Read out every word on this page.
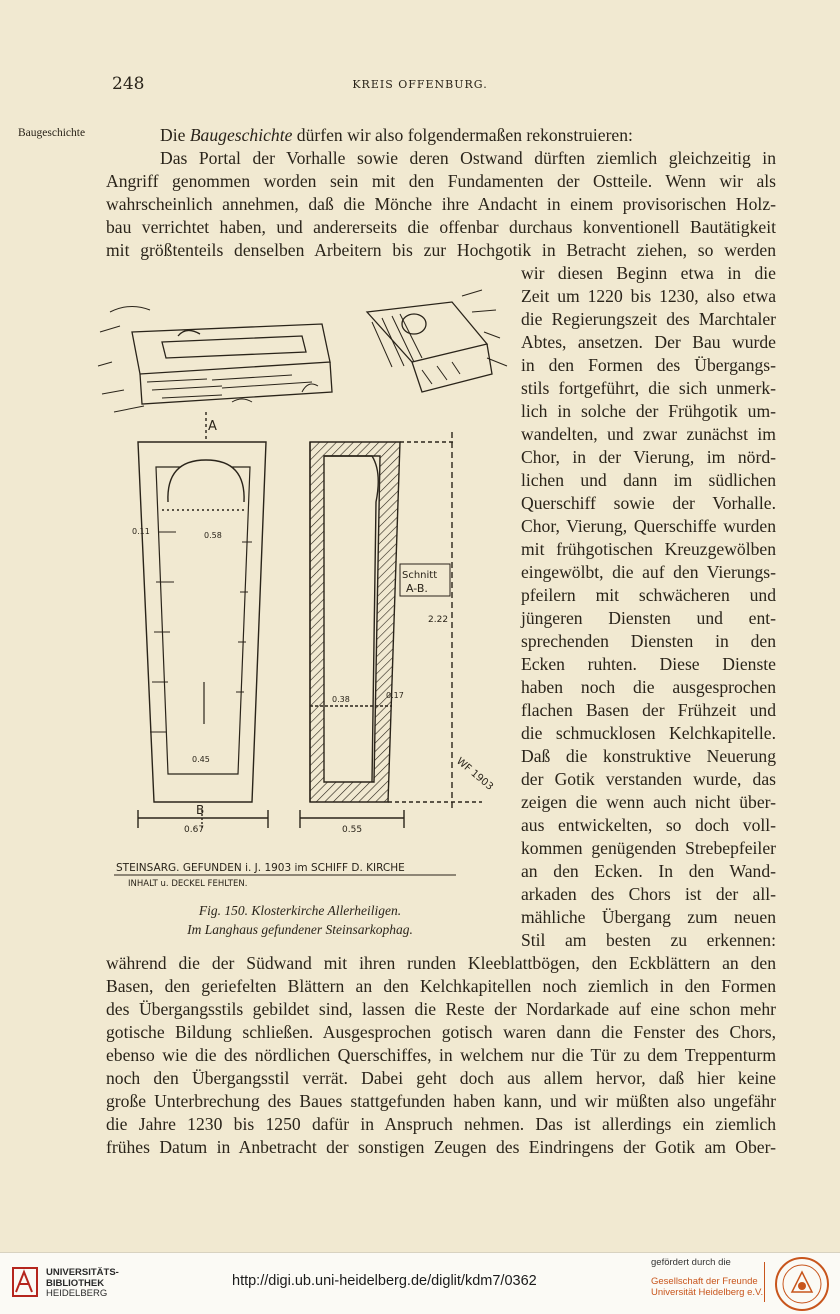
248	KREIS OFFENBURG.
Baugeschichte	Die Baugeschichte dürfen wir also folgendermaßen rekonstruieren:
Das Portal der Vorhalle sowie deren Ostwand dürften ziemlich gleichzeitig in
Angriff genommen worden sein mit den Fundamenten der Ostteile. Wenn wir als
wahrscheinlich annehmen, daß die Mönche ihre Andacht in einem provisorischen Holz-
bau verrichtet haben, und andererseits die offenbar durchaus konventionell Bautätigkeit
mit größtenteils denselben Arbeitern bis zur Hochgotik in Betracht ziehen, so werden
wir diesen Beginn etwa in die
Zeit um 1220 bis 1230, also etwa
die Regierungszeit des Marchtaler
Abtes, ansetzen. Der Bau wurde
in den Formen des Übergangs-
stils fortgeführt, die sich unmerk-
lich in solche der Frühgotik um-
wandelten, und zwar zunächst im
Chor, in der Vierung, im nörd-
lichen und dann im südlichen
Querschiff sowie der Vorhalle.
Chor, Vierung, Querschiffe wurden
mit frühgotischen Kreuzgewölben
eingewölbt, die auf den Vierungs-
pfeilern mit schwächeren und
jüngeren Diensten und ent-
sprechenden Diensten in den
Ecken ruhten. Diese Dienste
haben noch die ausgesprochen
flachen Basen der Frühzeit und
die schmucklosen Kelchkapitelle.
Daß die konstruktive Neuerung
der Gotik verstanden wurde, das
zeigen die wenn auch nicht über-
aus entwickelten, so doch voll-
kommen genügenden Strebepfeiler
an den Ecken. In den Wand-
arkaden des Chors ist der all-
mähliche Übergang zum neuen
Stil am besten zu erkennen:
während die der Südwand mit ihren runden Kleeblattbögen, den Eckblättern an den
Basen, den geriefelten Blättern an den Kelchkapitellen noch ziemlich in den Formen
des Übergangsstils gebildet sind, lassen die Reste der Nordarkade auf eine schon mehr
gotische Bildung schließen. Ausgesprochen gotisch waren dann die Fenster des Chors,
ebenso wie die des nördlichen Querschiffes, in welchem nur die Tür zu dem Treppenturm
noch den Übergangsstil verrät. Dabei geht doch aus allem hervor, daß hier keine
große Unterbrechung des Baues stattgefunden haben kann, und wir müßten also ungefähr
die Jahre 1230 bis 1250 dafür in Anspruch nehmen. Das ist allerdings ein ziemlich
frühes Datum in Anbetracht der sonstigen Zeugen des Eindringens der Gotik am Ober-
A
B
Schnitt
A-B.
2.22
0.58
0.45
0.11
0.67	0.55
0.38	0.17
WF 1903
STEINSARG. GEFUNDEN i. J. 1903 im SCHIFF D. KIRCHE
INHALT u. DECKEL FEHLTEN.
Fig. 150. Klosterkirche Allerheiligen.
Im Langhaus gefundener Steinsarkophag.
UNIVERSITÄTS-
BIBLIOTHEK
HEIDELBERG
http://digi.ub.uni-heidelberg.de/diglit/kdm7/0362
gefördert durch die
Gesellschaft der Freunde
Universität Heidelberg e.V.
